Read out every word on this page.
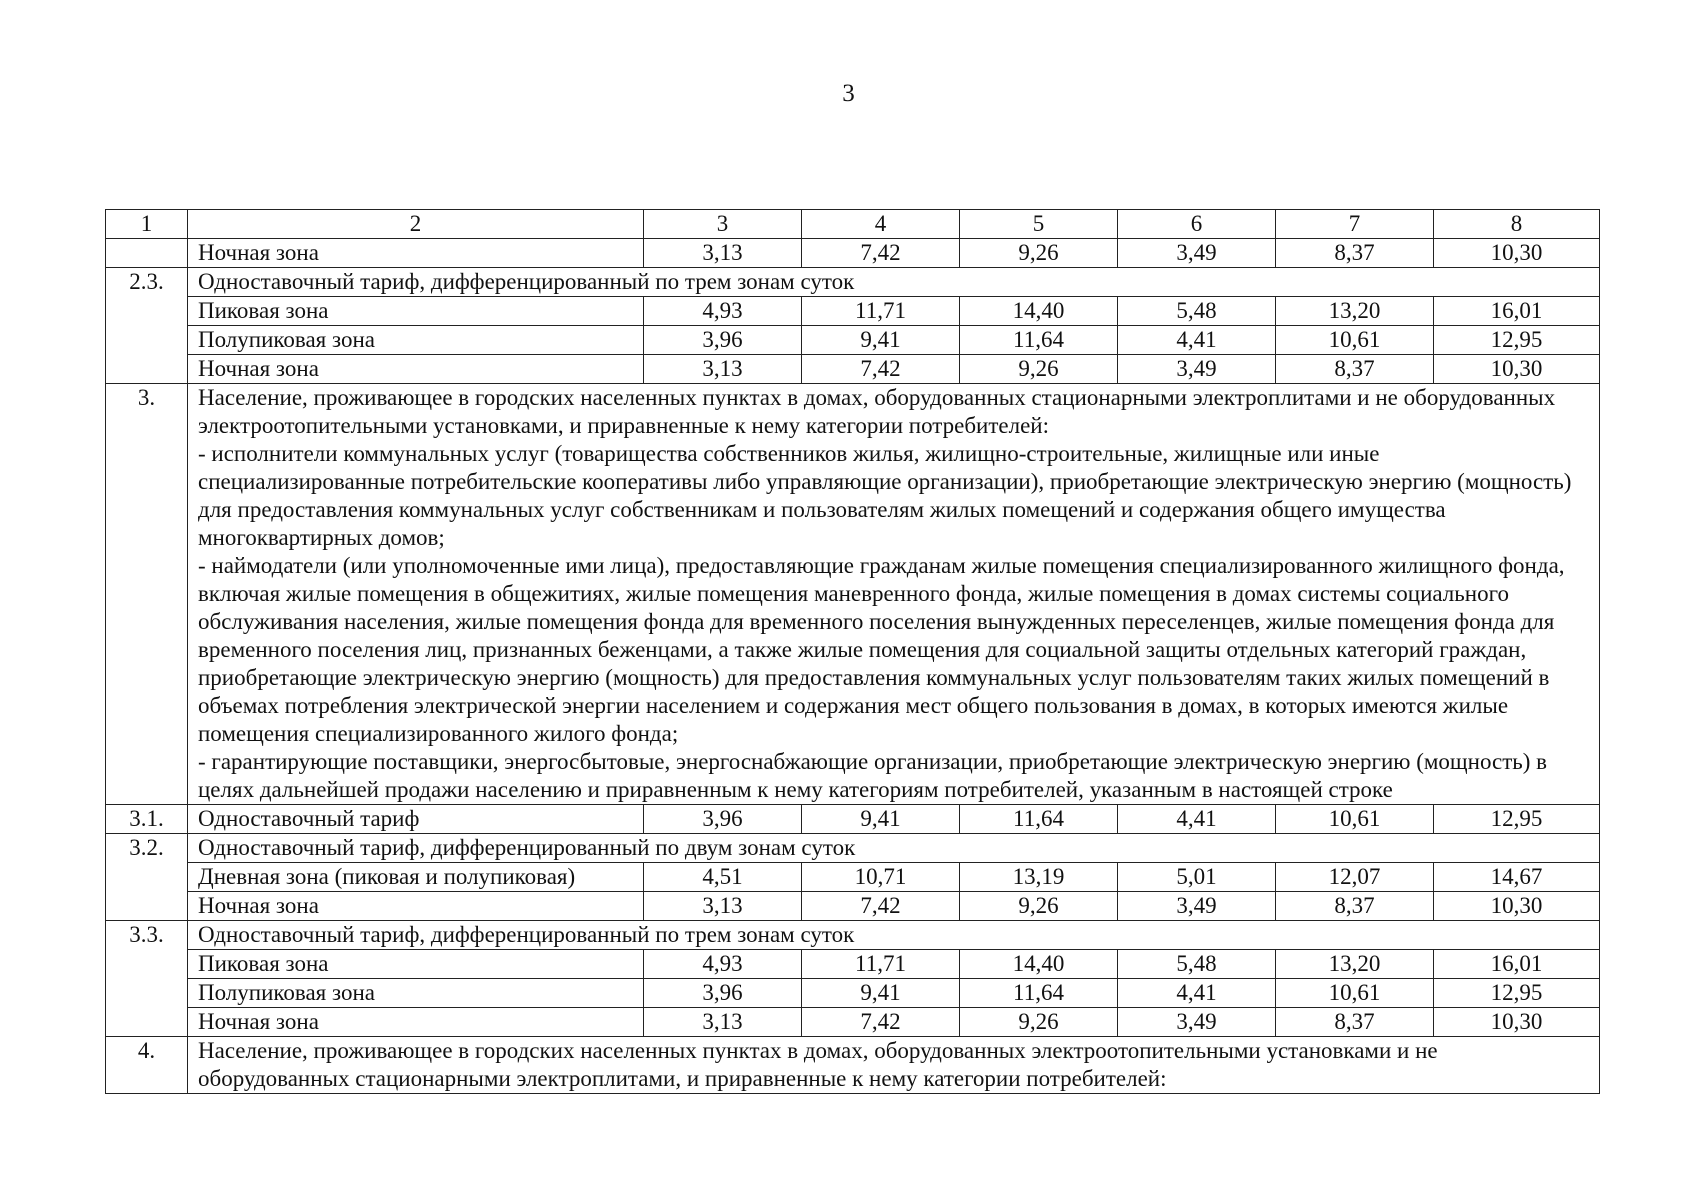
3
1	2	3	4	5	6	7	8
	Ночная зона	3,13	7,42	9,26	3,49	8,37	10,30
2.3.	Одноставочный тариф, дифференцированный по трем зонам суток						
	Пиковая зона	4,93	11,71	14,40	5,48	13,20	16,01
	Полупиковая зона	3,96	9,41	11,64	4,41	10,61	12,95
	Ночная зона	3,13	7,42	9,26	3,49	8,37	10,30
3.	Население, проживающее в городских населенных пунктах в домах, оборудованных стационарными электроплитами и не оборудованных электроотопительными установками, и приравненные к нему категории потребителей:
- исполнители коммунальных услуг (товарищества собственников жилья, жилищно-строительные, жилищные или иные специализированные потребительские кооперативы либо управляющие организации), приобретающие электрическую энергию (мощность) для предоставления коммунальных услуг собственникам и пользователям жилых помещений и содержания общего имущества многоквартирных домов;
- наймодатели (или уполномоченные ими лица), предоставляющие гражданам жилые помещения специализированного жилищного фонда, включая жилые помещения в общежитиях, жилые помещения маневренного фонда, жилые помещения в домах системы социального обслуживания населения, жилые помещения фонда для временного поселения вынужденных переселенцев, жилые помещения фонда для временного поселения лиц, признанных беженцами, а также жилые помещения для социальной защиты отдельных категорий граждан, приобретающие электрическую энергию (мощность) для предоставления коммунальных услуг пользователям таких жилых помещений в объемах потребления электрической энергии населением и содержания мест общего пользования в домах, в которых имеются жилые помещения специализированного жилого фонда;
- гарантирующие поставщики, энергосбытовые, энергоснабжающие организации, приобретающие электрическую энергию (мощность) в целях дальнейшей продажи населению и приравненным к нему категориям потребителей, указанным в настоящей строке						

3.1.	Одноставочный тариф	3,96	9,41	11,64	4,41	10,61	12,95
3.2.	Одноставочный тариф, дифференцированный по двум зонам суток						
	Дневная зона (пиковая и полупиковая)	4,51	10,71	13,19	5,01	12,07	14,67
	Ночная зона	3,13	7,42	9,26	3,49	8,37	10,30
3.3.	Одноставочный тариф, дифференцированный по трем зонам суток						
	Пиковая зона	4,93	11,71	14,40	5,48	13,20	16,01
	Полупиковая зона	3,96	9,41	11,64	4,41	10,61	12,95
	Ночная зона	3,13	7,42	9,26	3,49	8,37	10,30
4.	Население, проживающее в городских населенных пунктах в домах, оборудованных электроотопительными установками и не оборудованных стационарными электроплитами, и приравненные к нему категории потребителей:						
